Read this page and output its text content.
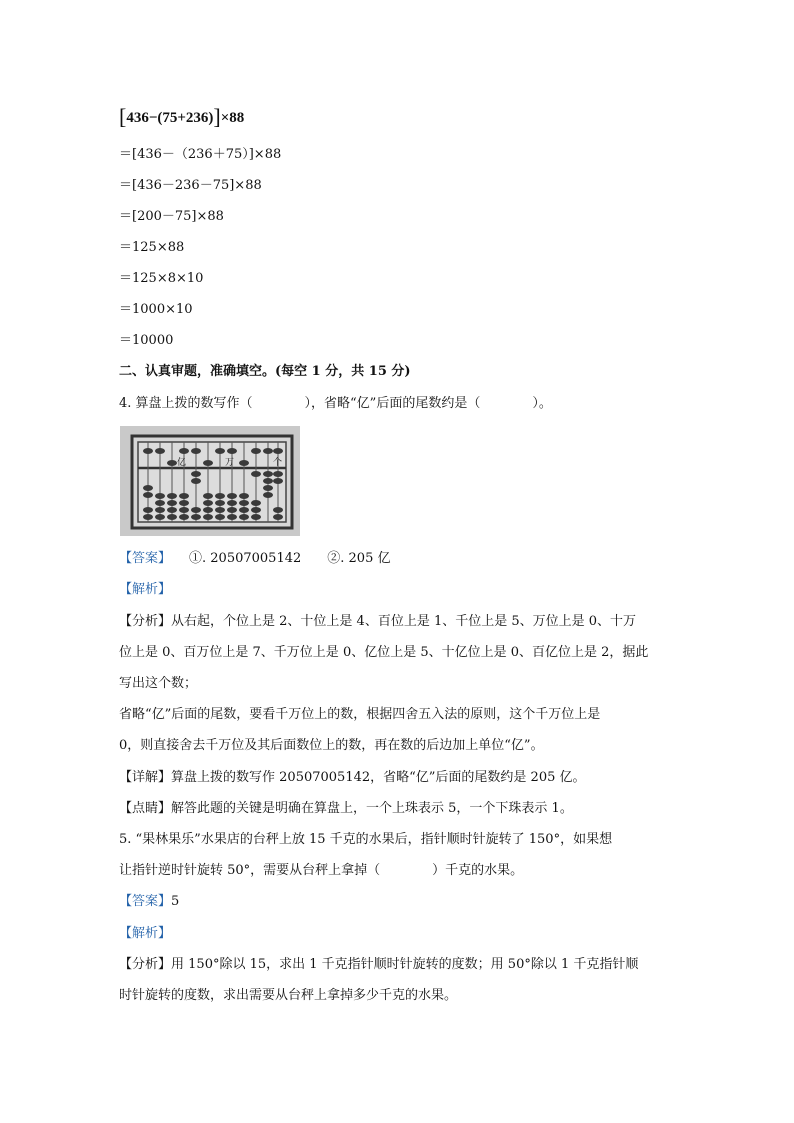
[436−(75+236)]×88
＝[436－（236＋75）]×88
＝[436－236－75]×88
＝[200－75]×88
＝125×88
＝125×8×10
＝1000×10
＝10000
二、认真审题，准确填空。(每空 1 分，共 15 分)
4. 算盘上拨的数写作（　　　　），省略“亿”后面的尾数约是（　　　　）。
亿	万	个
【答案】 ①. 20507005142　　②. 205 亿
【解析】
【分析】从右起，个位上是 2、十位上是 4、百位上是 1、千位上是 5、万位上是 0、十万
位上是 0、百万位上是 7、千万位上是 0、亿位上是 5、十亿位上是 0、百亿位上是 2，据此
写出这个数；
省略“亿”后面的尾数，要看千万位上的数，根据四舍五入法的原则，这个千万位上是
0，则直接舍去千万位及其后面数位上的数，再在数的后边加上单位“亿”。
【详解】算盘上拨的数写作 20507005142，省略“亿”后面的尾数约是 205 亿。
【点睛】解答此题的关键是明确在算盘上，一个上珠表示 5，一个下珠表示 1。
5. “果林果乐”水果店的台秤上放 15 千克的水果后，指针顺时针旋转了 150°，如果想
让指针逆时针旋转 50°，需要从台秤上拿掉（　　　　）千克的水果。
【答案】5
【解析】
【分析】用 150°除以 15，求出 1 千克指针顺时针旋转的度数；用 50°除以 1 千克指针顺
时针旋转的度数，求出需要从台秤上拿掉多少千克的水果。
